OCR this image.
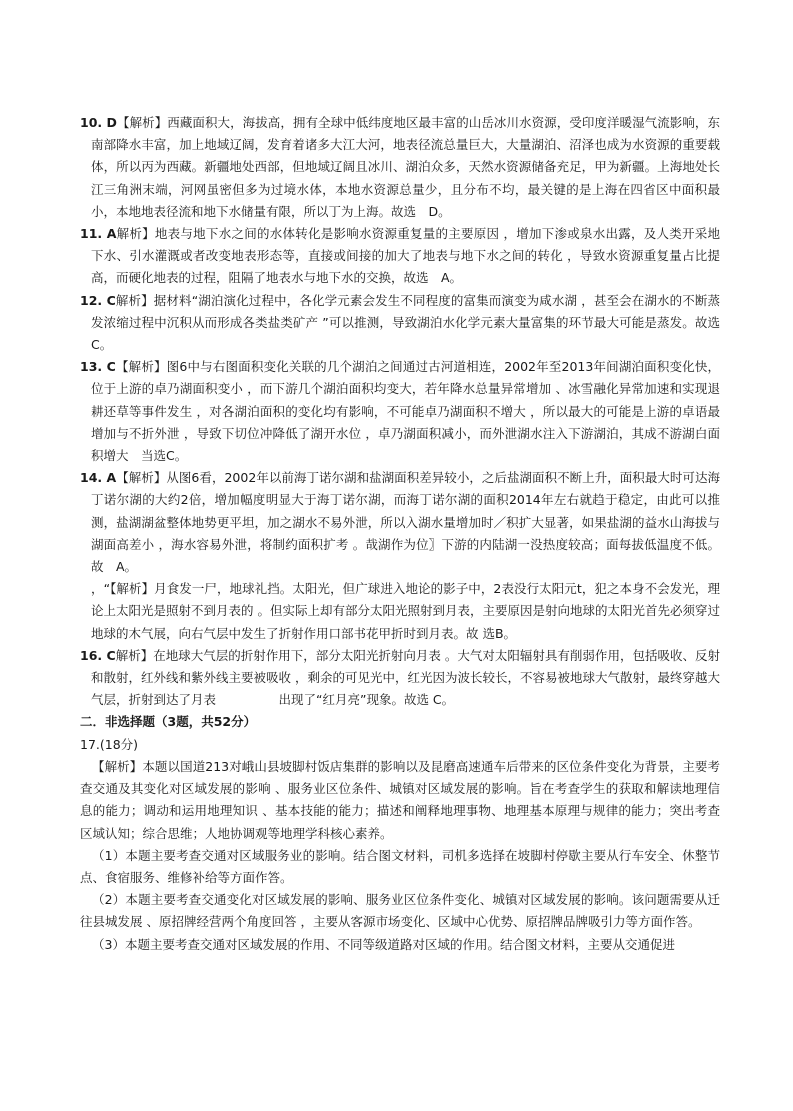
10. D【解析】西藏面积大，海拔高，拥有全球中低纬度地区最丰富的山岳冰川水资源，受印度洋暖湿气流影响，东南部降水丰富，加上地域辽阔，发育着诸多大江大河，地表径流总量巨大，大量湖泊、沼泽也成为水资源的重要载体，所以丙为西藏。新疆地处西部，但地域辽阔且冰川、湖泊众多，天然水资源储备充足，甲为新疆。上海地处长江三角洲末端，河网虽密但多为过境水体，本地水资源总量少，且分布不均，最关键的是上海在四省区中面积最小，本地地表径流和地下水储量有限，所以丁为上海。故选　D。

11. A解析】地表与地下水之间的水体转化是影响水资源重复量的主要原因 ，增加下渗或泉水出露，及人类开采地下水、引水灌溉或者改变地表形态等，直接或间接的加大了地表与地下水之间的转化 ，导致水资源重复量占比提高，而硬化地表的过程，阻隔了地表水与地下水的交换，故选　A。

12. C解析】据材料“湖泊演化过程中，各化学元素会发生不同程度的富集而演变为咸水湖 ，甚至会在湖水的不断蒸发浓缩过程中沉积从而形成各类盐类矿产 ”可以推测，导致湖泊水化学元素大量富集的环节最大可能是蒸发。故选 C。

13. C【解析】图6中与右图面积变化关联的几个湖泊之间通过古河道相连，2002年至2013年间湖泊面积变化快，位于上游的卓乃湖面积变小 ，而下游几个湖泊面积均变大，若年降水总量异常增加 、冰雪融化异常加速和实现退耕还草等事件发生 ，对各湖泊面积的变化均有影响，不可能卓乃湖面积不增大 ，所以最大的可能是上游的卓语最增加与不折外泄 ，导致下切位冲降低了湖开水位 ，卓乃湖面积减小，而外泄湖水注入下游湖泊，其成不游湖白面积增大　当选C。

14. A【解析】从图6看，2002年以前海丁诺尔湖和盐湖面积差异较小，之后盐湖面积不断上升，面积最大时可达海丁诺尔湖的大约2倍，增加幅度明显大于海丁诺尔湖，而海丁诺尔湖的面积2014年左右就趋于稳定，由此可以推测，盐湖湖盆整体地势更平坦，加之湖水不易外泄，所以入湖水量增加时／积扩大显著，如果盐湖的益水山海拔与湖面高差小 ，海水容易外泄，将制约面积扩考 。哉湖作为位〗下游的内陆湖一没热度较高；面每拔低温度不低。故　A。

，“【解析】月食发一尸，地球礼挡。太阳光，但广球进入地论的影子中，2表没行太阳元t，犯之本身不会发光，理论上太阳光是照射不到月表的 。但实际上却有部分太阳光照射到月表，主要原因是射向地球的太阳光首先必须穿过地球的木气展，向右气层中发生了折射作用口部书花甲折时到月表。故 选B。

16. C解析】在地球大气层的折射作用下，部分太阳光折射向月表 。大气对太阳辐射具有削弱作用，包括吸收、反射和散射，红外线和紫外线主要被吸收 ，剩余的可见光中，红光因为波长较长，不容易被地球大气散射，最终穿越大气层，折射到达了月表　　　　　出现了“红月亮”现象。故选 C。

二．非选择题（3题，共52分）

17.(18分)

【解析】本题以国道213对峨山县坡脚村饭店集群的影响以及昆磨高速通车后带来的区位条件变化为背景，主要考查交通及其变化对区域发展的影响 、服务业区位条件、城镇对区域发展的影响。旨在考查学生的获取和解读地理信息的能力；调动和运用地理知识 、基本技能的能力；描述和阐释地理事物、地理基本原理与规律的能力；突出考查区域认知；综合思维；人地协调观等地理学科核心素养。

（1）本题主要考查交通对区域服务业的影响。结合图文材料，司机多选择在坡脚村停歇主要从行车安全、休整节点、食宿服务、维修补给等方面作答。

（2）本题主要考查交通变化对区域发展的影响、服务业区位条件变化、城镇对区域发展的影响。该问题需要从迁往县城发展 、原招牌经营两个角度回答 ，主要从客源市场变化、区域中心优势、原招牌品牌吸引力等方面作答。

（3）本题主要考查交通对区域发展的作用、不同等级道路对区域的作用。结合图文材料，主要从交通促进
